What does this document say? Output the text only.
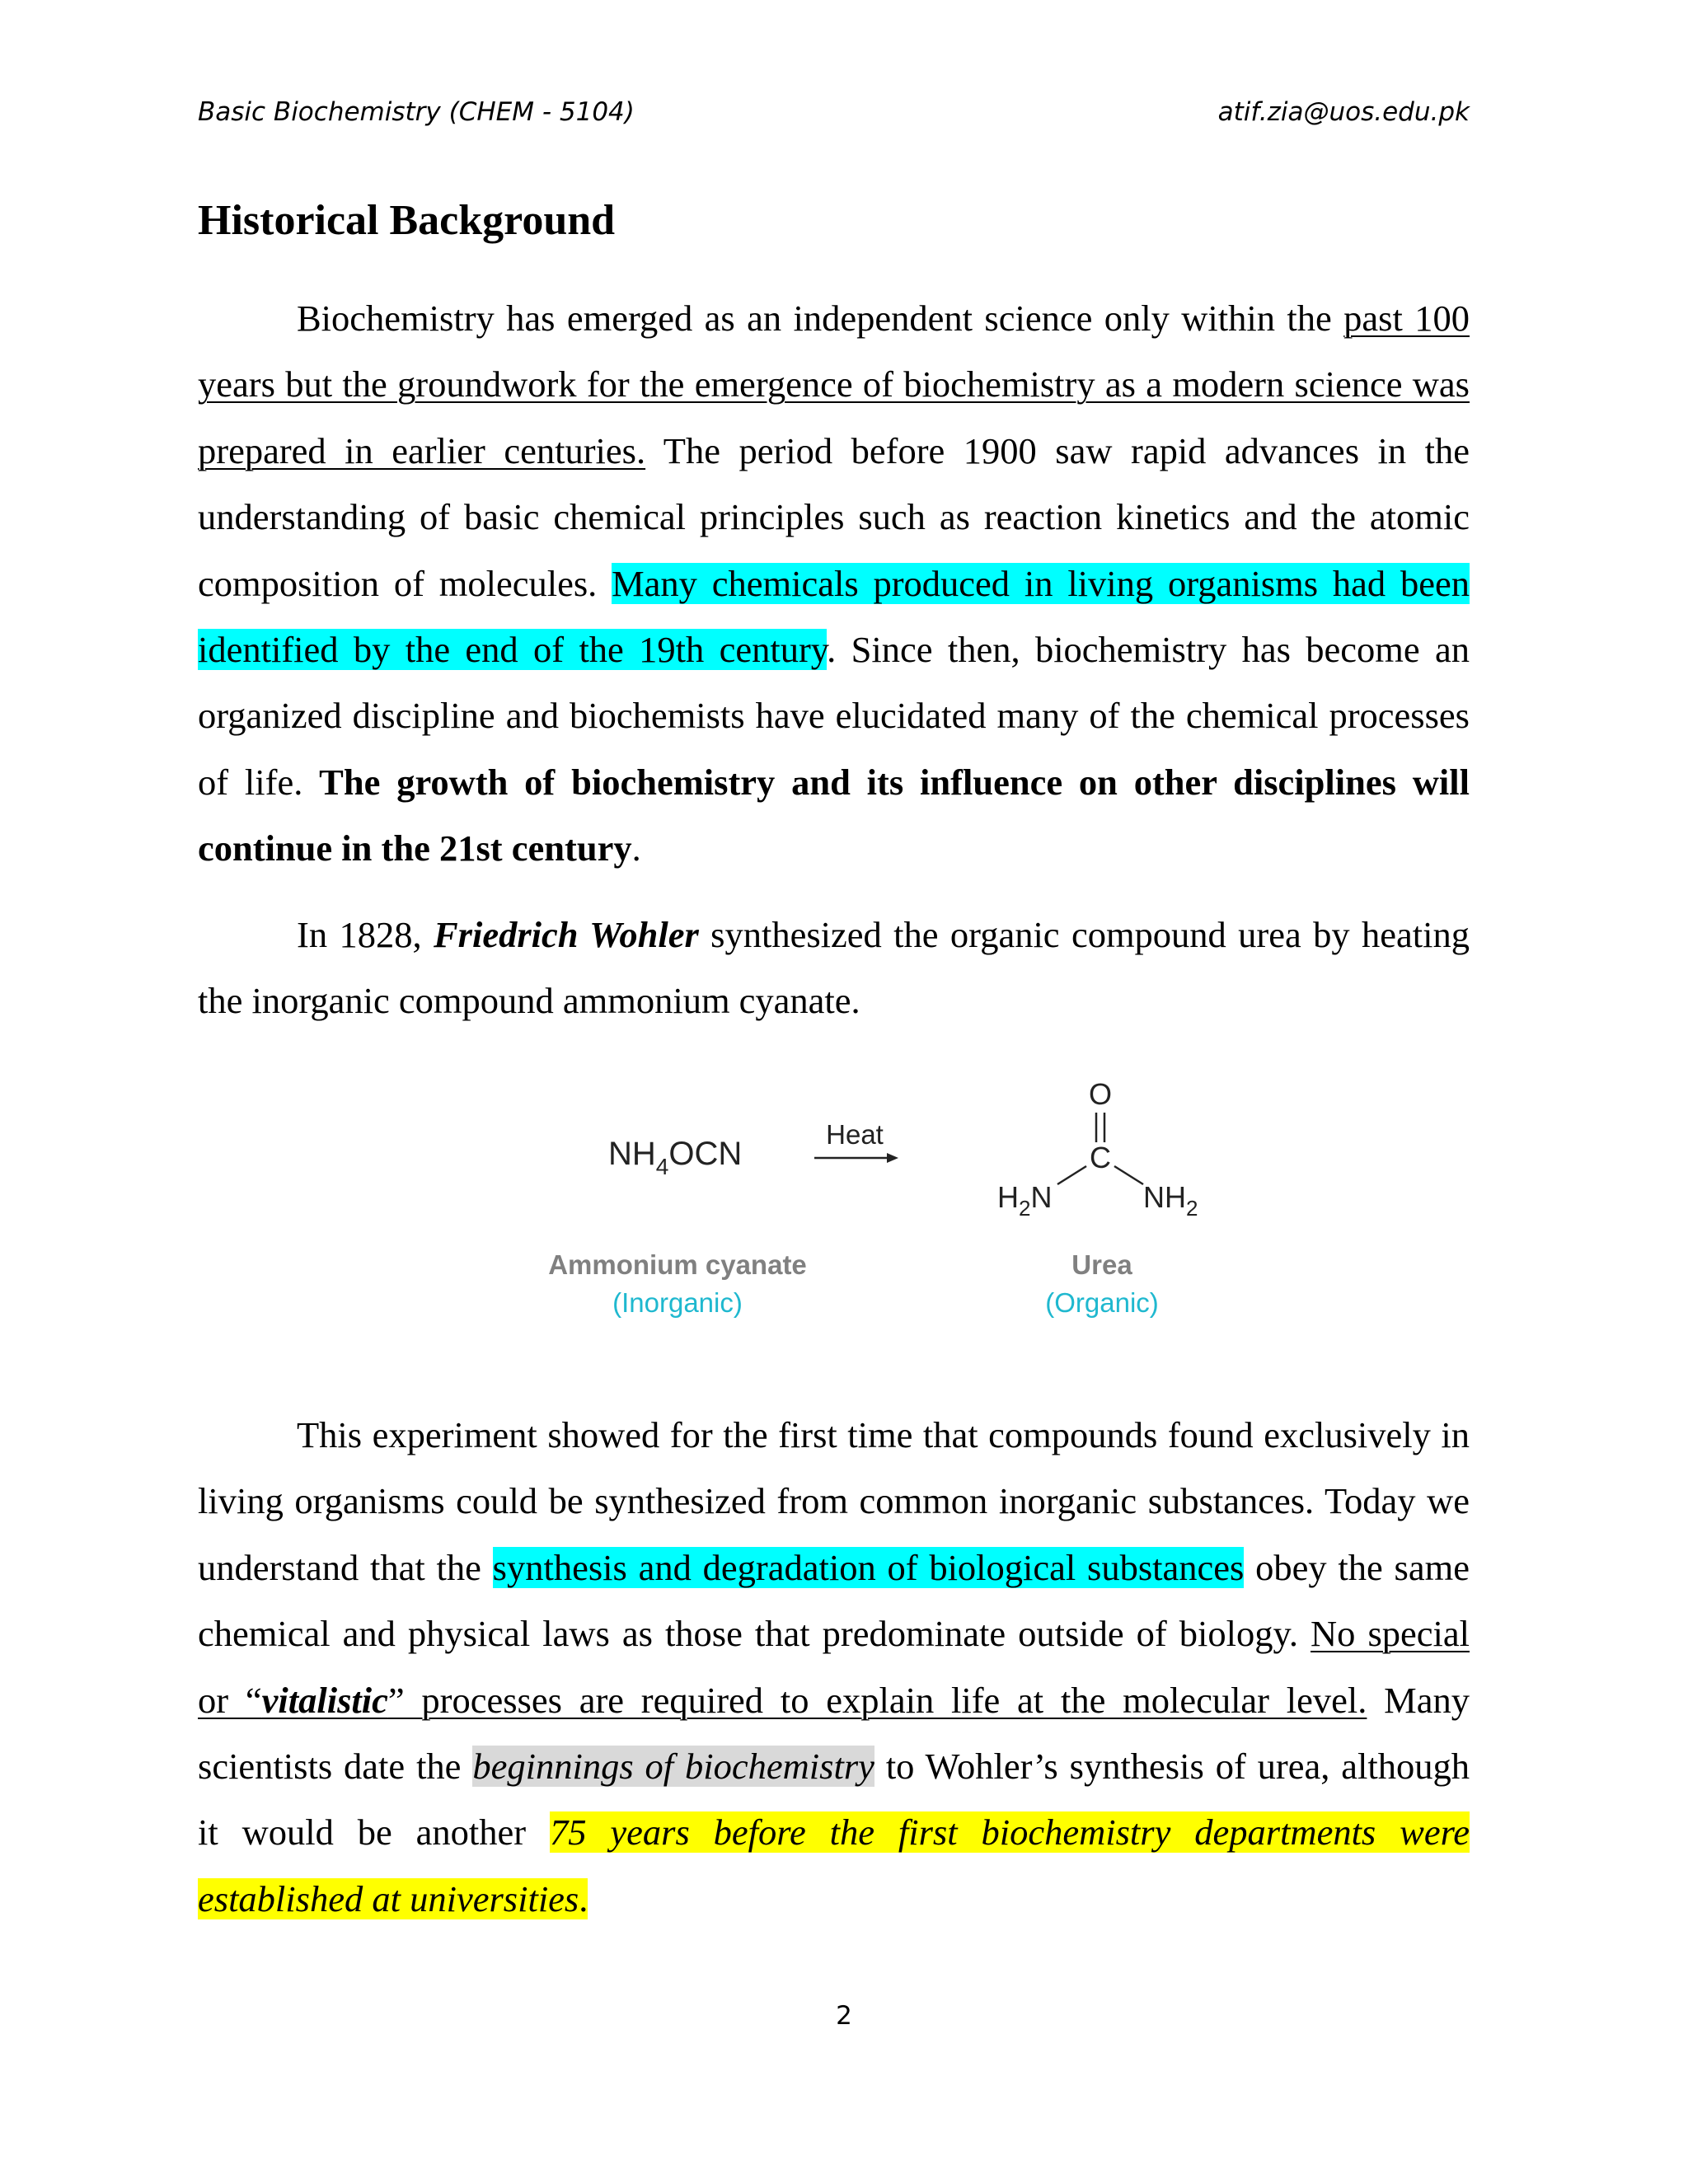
Basic Biochemistry (CHEM - 5104)	atif.zia@uos.edu.pk
Historical Background

Biochemistry has emerged as an independent science only within the past 100 years but the groundwork for the emergence of biochemistry as a modern science was prepared in earlier centuries. The period before 1900 saw rapid advances in the understanding of basic chemical principles such as reaction kinetics and the atomic composition of molecules. Many chemicals produced in living organisms had been identified by the end of the 19th century. Since then, biochemistry has become an organized discipline and biochemists have elucidated many of the chemical processes of life. The growth of biochemistry and its influence on other disciplines will continue in the 21st century.

In 1828, Friedrich Wohler synthesized the organic compound urea by heating the inorganic compound ammonium cyanate.

$NH_4OCN$
Heat
O
C
$H_2N$	$NH_2$
Ammonium cyanate
(Inorganic)
Urea
(Organic)

This experiment showed for the first time that compounds found exclusively in living organisms could be synthesized from common inorganic substances. Today we understand that the synthesis and degradation of biological substances obey the same chemical and physical laws as those that predominate outside of biology. No special or “vitalistic” processes are required to explain life at the molecular level. Many scientists date the beginnings of biochemistry to Wohler’s synthesis of urea, although it would be another 75 years before the first biochemistry departments were established at universities.

2
